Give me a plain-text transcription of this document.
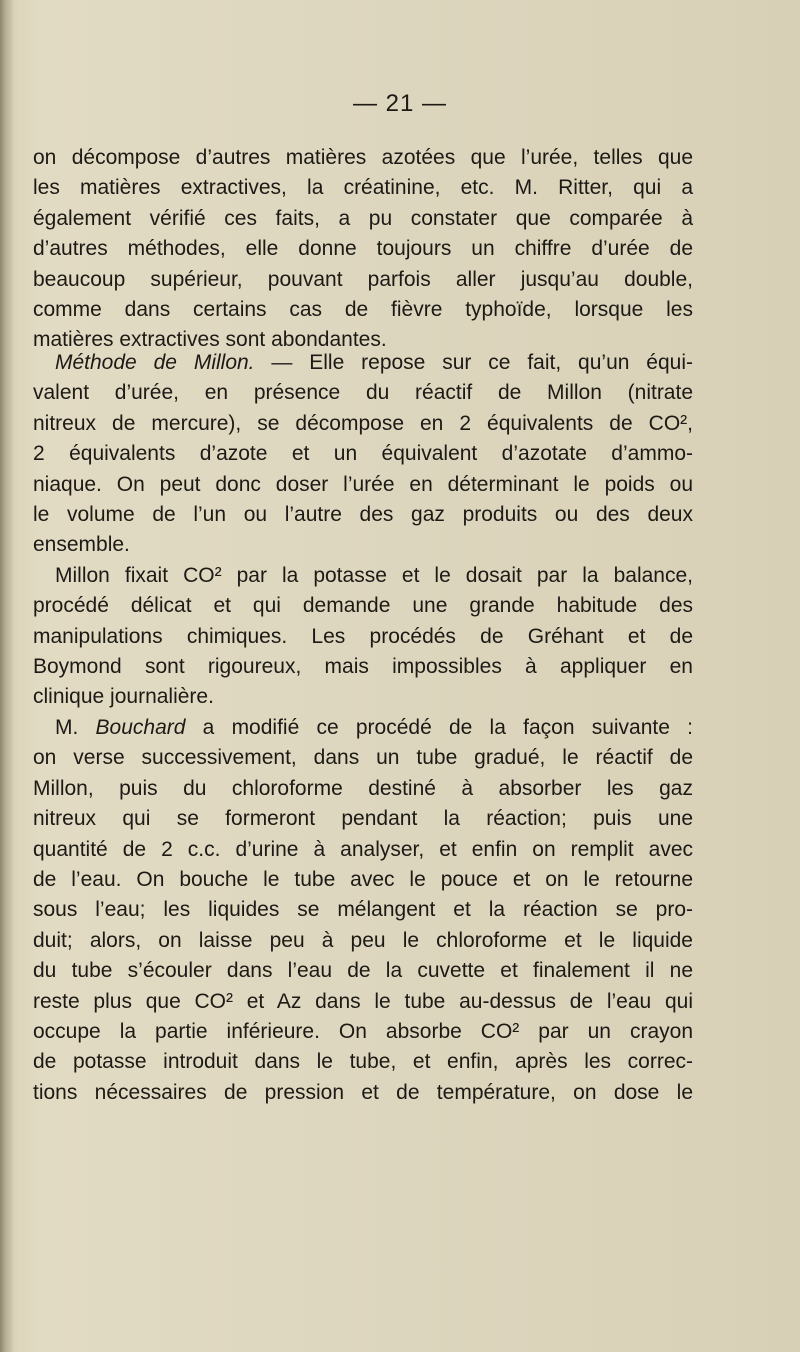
— 21 —
on décompose d’autres matières azotées que l’urée, telles que
les matières extractives, la créatinine, etc. M. Ritter, qui a
également vérifié ces faits, a pu constater que comparée à
d’autres méthodes, elle donne toujours un chiffre d’urée de
beaucoup supérieur, pouvant parfois aller jusqu’au double,
comme dans certains cas de fièvre typhoïde, lorsque les
matières extractives sont abondantes.
Méthode de Millon. — Elle repose sur ce fait, qu’un équi-
valent d’urée, en présence du réactif de Millon (nitrate
nitreux de mercure), se décompose en 2 équivalents de CO²,
2 équivalents d’azote et un équivalent d’azotate d’ammo-
niaque. On peut donc doser l’urée en déterminant le poids ou
le volume de l’un ou l’autre des gaz produits ou des deux
ensemble.
Millon fixait CO² par la potasse et le dosait par la balance,
procédé délicat et qui demande une grande habitude des
manipulations chimiques. Les procédés de Gréhant et de
Boymond sont rigoureux, mais impossibles à appliquer en
clinique journalière.
M. Bouchard a modifié ce procédé de la façon suivante :
on verse successivement, dans un tube gradué, le réactif de
Millon, puis du chloroforme destiné à absorber les gaz
nitreux qui se formeront pendant la réaction; puis une
quantité de 2 c.c. d’urine à analyser, et enfin on remplit avec
de l’eau. On bouche le tube avec le pouce et on le retourne
sous l’eau; les liquides se mélangent et la réaction se pro-
duit; alors, on laisse peu à peu le chloroforme et le liquide
du tube s’écouler dans l’eau de la cuvette et finalement il ne
reste plus que CO² et Az dans le tube au-dessus de l’eau qui
occupe la partie inférieure. On absorbe CO² par un crayon
de potasse introduit dans le tube, et enfin, après les correc-
tions nécessaires de pression et de température, on dose le
